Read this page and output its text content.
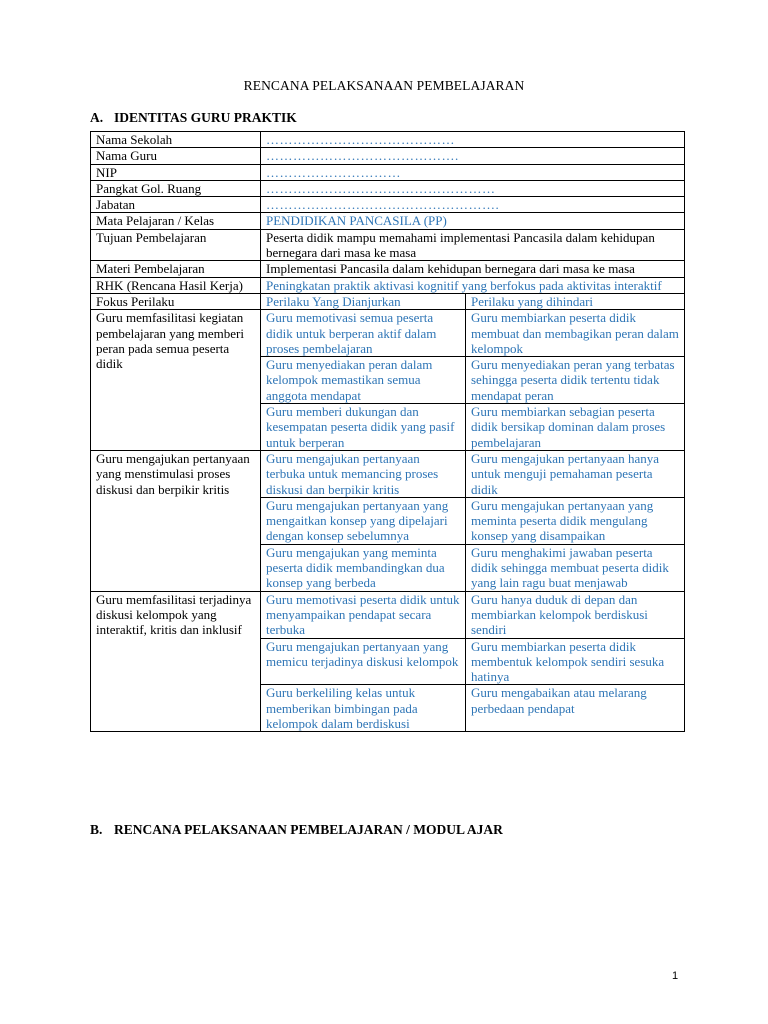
RENCANA PELAKSANAAN PEMBELAJARAN
A. IDENTITAS GURU PRAKTIK
Nama Sekolah	……………………………………	
Nama Guru	…………………………………….	
NIP	…………………………	
Pangkat Gol. Ruang	……………………………………………	
Jabatan	…………………………………………….	
Mata Pelajaran / Kelas	PENDIDIKAN PANCASILA (PP)	
Tujuan Pembelajaran	Peserta didik mampu memahami implementasi Pancasila dalam kehidupan bernegara dari masa ke masa	
Materi Pembelajaran	Implementasi Pancasila dalam kehidupan bernegara dari masa ke masa	
RHK (Rencana Hasil Kerja)	Peningkatan praktik aktivasi kognitif yang berfokus pada aktivitas interaktif	
Fokus Perilaku	Perilaku Yang Dianjurkan	Perilaku yang dihindari
Guru memfasilitasi kegiatan pembelajaran yang memberi peran pada semua peserta didik	Guru memotivasi semua peserta didik untuk berperan aktif dalam proses pembelajaran	Guru membiarkan peserta didik membuat dan membagikan peran dalam kelompok
	Guru menyediakan peran dalam kelompok memastikan semua anggota mendapat	Guru menyediakan peran yang terbatas sehingga peserta didik tertentu tidak mendapat peran
	Guru memberi dukungan dan kesempatan peserta didik yang pasif untuk berperan	Guru membiarkan sebagian peserta didik bersikap dominan dalam proses pembelajaran
Guru mengajukan pertanyaan yang menstimulasi proses diskusi dan berpikir kritis	Guru mengajukan pertanyaan terbuka untuk memancing proses diskusi dan berpikir kritis	Guru mengajukan pertanyaan hanya untuk menguji pemahaman peserta didik
	Guru mengajukan pertanyaan yang mengaitkan konsep yang dipelajari dengan konsep sebelumnya	Guru mengajukan pertanyaan yang meminta peserta didik mengulang konsep yang disampaikan
	Guru mengajukan yang meminta peserta didik membandingkan dua konsep yang berbeda	Guru menghakimi jawaban peserta didik sehingga membuat peserta didik yang lain ragu buat menjawab
Guru memfasilitasi terjadinya diskusi kelompok yang interaktif, kritis dan inklusif	Guru memotivasi peserta didik untuk menyampaikan pendapat secara terbuka	Guru hanya duduk di depan dan membiarkan kelompok berdiskusi sendiri
	Guru mengajukan pertanyaan yang memicu terjadinya diskusi kelompok	Guru membiarkan peserta didik membentuk kelompok sendiri sesuka hatinya
	Guru berkeliling kelas untuk memberikan bimbingan pada kelompok dalam berdiskusi	Guru mengabaikan atau melarang perbedaan pendapat
B. RENCANA PELAKSANAAN PEMBELAJARAN / MODUL AJAR
1
